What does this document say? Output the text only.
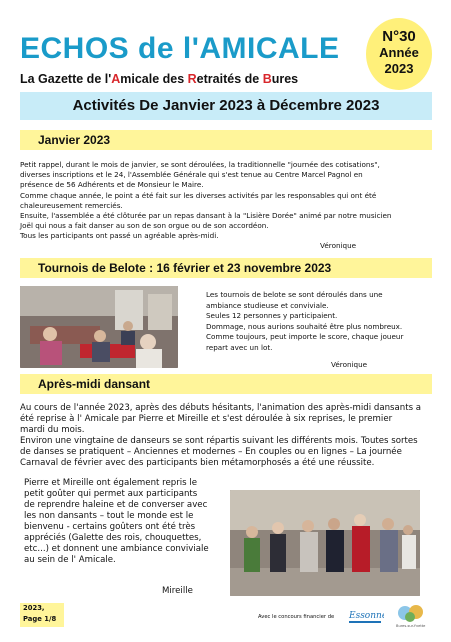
ECHOS de l'AMICALE
La Gazette de l'Amicale des Retraités de Bures
N°30
Année
2023
Activités De Janvier 2023 à Décembre 2023
Janvier 2023
Petit rappel, durant le mois de janvier, se sont déroulées, la traditionnelle "journée des cotisations",
diverses inscriptions et le 24, l'Assemblée Générale qui s'est tenue au Centre Marcel Pagnol en
présence de 56 Adhérents et de Monsieur le Maire.
Comme chaque année, le point a été fait sur les diverses activités par les responsables qui ont été
chaleureusement remerciés.
Ensuite, l'assemblée a été clôturée par un repas dansant à la "Lisière Dorée" animé par notre musicien
Joël qui nous a fait danser au son de son orgue ou de son accordéon.
Tous les participants ont passé un agréable après-midi.
Véronique
Tournois de Belote : 16 février et 23 novembre 2023
Les tournois de belote se sont déroulés dans une
ambiance studieuse et conviviale.
Seules 12 personnes y participaient.
Dommage, nous aurions souhaité être plus nombreux.
Comme toujours, peut importe le score, chaque joueur
repart avec un lot.
Véronique
Après-midi dansant
Au cours de l'année 2023, après des débuts hésitants, l'animation des après-midi dansants a
été reprise à l' Amicale par Pierre et Mireille et s'est déroulée à six reprises, le premier
mardi du mois.
Environ une vingtaine de danseurs se sont répartis suivant les différents mois. Toutes sortes
de danses se pratiquent – Anciennes et modernes – En couples ou en lignes – La journée
Carnaval de février avec des participants bien métamorphosés a été une réussite.
Pierre et Mireille ont également repris le
petit goûter qui permet aux participants
de reprendre haleine et de converser avec
les non dansants – tout le monde est le
bienvenu - certains goûters ont été très
appréciés (Galette des rois, chouquettes,
etc...) et donnent une ambiance conviviale
au sein de l' Amicale.
Mireille
2023,
Page 1/8	Avec le concours financier de Essonne
Bures-sur-Yvette
